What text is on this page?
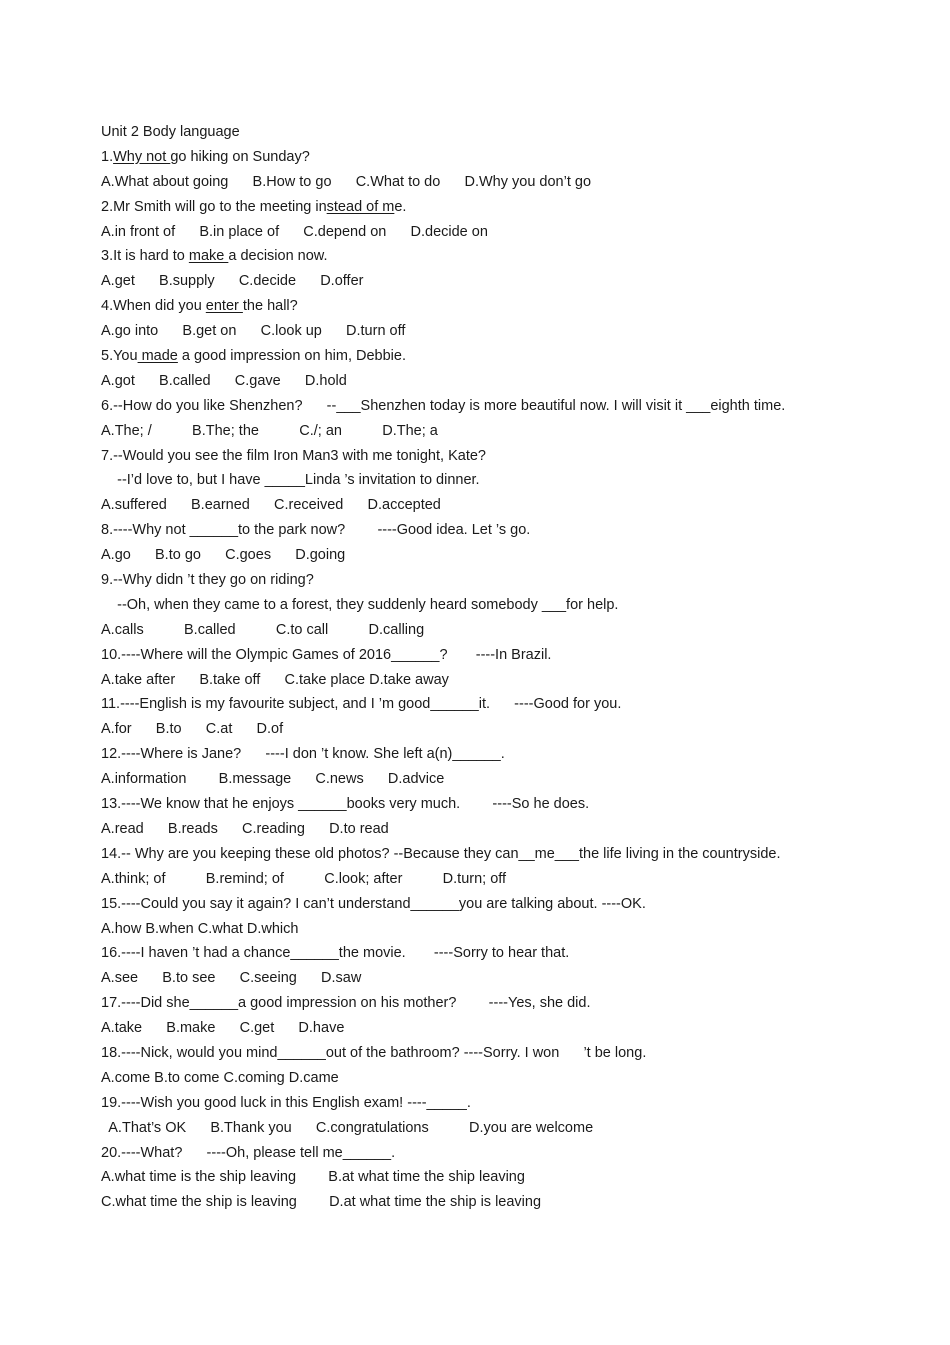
Unit 2 Body language
1.Why not go hiking on Sunday?
A.What about going      B.How to go      C.What to do      D.Why you don’t go
2.Mr Smith will go to the meeting instead of me.
A.in front of      B.in place of      C.depend on      D.decide on
3.It is hard to make a decision now.
A.get      B.supply      C.decide      D.offer
4.When did you enter the hall?
A.go into      B.get on      C.look up      D.turn off
5.You made a good impression on him, Debbie.
A.got      B.called      C.gave      D.hold
6.--How do you like Shenzhen?      --___Shenzhen today is more beautiful now. I will visit it ___eighth time.
A.The; /          B.The; the          C./; an          D.The; a
7.--Would you see the film Iron Man3 with me tonight, Kate?
--I’d love to, but I have _____Linda ’s invitation to dinner.
A.suffered      B.earned      C.received      D.accepted
8.----Why not ______to the park now?        ----Good idea. Let ’s go.
A.go      B.to go      C.goes      D.going
9.--Why didn ’t they go on riding?
--Oh, when they came to a forest, they suddenly heard somebody ___for help.
A.calls          B.called          C.to call          D.calling
10.----Where will the Olympic Games of 2016______?       ----In Brazil.
A.take after      B.take off      C.take place D.take away
11.----English is my favourite subject, and I ’m good______it.      ----Good for you.
A.for      B.to      C.at      D.of
12.----Where is Jane?      ----I don ’t know. She left a(n)______.
A.information        B.message      C.news      D.advice
13.----We know that he enjoys ______books very much.        ----So he does.
A.read      B.reads      C.reading      D.to read
14.-- Why are you keeping these old photos? --Because they can__me___the life living in the countryside.
A.think; of          B.remind; of          C.look; after          D.turn; off
15.----Could you say it again? I can’t understand______you are talking about. ----OK.
A.how B.when C.what D.which
16.----I haven ’t had a chance______the movie.       ----Sorry to hear that.
A.see      B.to see      C.seeing      D.saw
17.----Did she______a good impression on his mother?        ----Yes, she did.
A.take      B.make      C.get      D.have
18.----Nick, would you mind______out of the bathroom? ----Sorry. I won      ’t be long.
A.come B.to come C.coming D.came
19.----Wish you good luck in this English exam! ----_____.
A.That’s OK      B.Thank you      C.congratulations          D.you are welcome
20.----What?      ----Oh, please tell me______.
A.what time is the ship leaving        B.at what time the ship leaving
C.what time the ship is leaving        D.at what time the ship is leaving
